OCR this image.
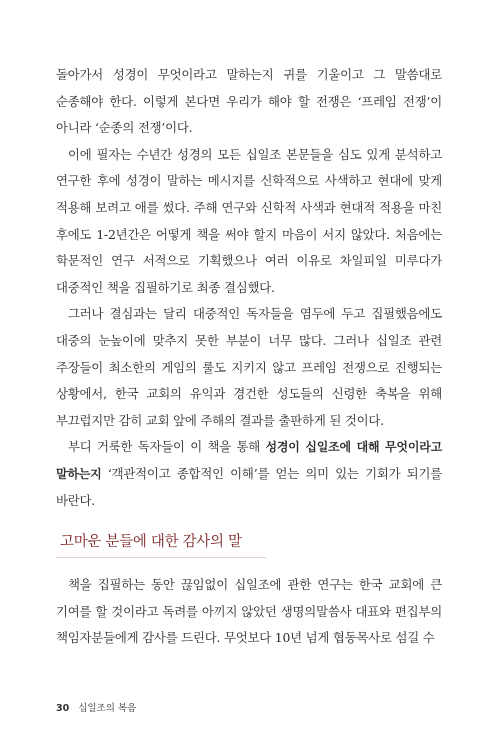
돌아가서 성경이 무엇이라고 말하는지 귀를 기울이고 그 말씀대로 순종해야 한다. 이렇게 본다면 우리가 해야 할 전쟁은 ‘프레임 전쟁’이 아니라 ‘순종의 전쟁’이다.

이에 필자는 수년간 성경의 모든 십일조 본문들을 심도 있게 분석하고 연구한 후에 성경이 말하는 메시지를 신학적으로 사색하고 현대에 맞게 적용해 보려고 애를 썼다. 주해 연구와 신학적 사색과 현대적 적용을 마친 후에도 1-2년간은 어떻게 책을 써야 할지 마음이 서지 않았다. 처음에는 학문적인 연구 서적으로 기획했으나 여러 이유로 차일피일 미루다가 대중적인 책을 집필하기로 최종 결심했다.

그러나 결심과는 달리 대중적인 독자들을 염두에 두고 집필했음에도 대중의 눈높이에 맞추지 못한 부분이 너무 많다. 그러나 십일조 관련 주장들이 최소한의 게임의 룰도 지키지 않고 프레임 전쟁으로 진행되는 상황에서, 한국 교회의 유익과 경건한 성도들의 신령한 축복을 위해 부끄럽지만 감히 교회 앞에 주해의 결과를 출판하게 된 것이다.

부디 거룩한 독자들이 이 책을 통해 성경이 십일조에 대해 무엇이라고 말하는지 ‘객관적이고 종합적인 이해’를 얻는 의미 있는 기회가 되기를 바란다.

고마운 분들에 대한 감사의 말

책을 집필하는 동안 끊임없이 십일조에 관한 연구는 한국 교회에 큰 기여를 할 것이라고 독려를 아끼지 않았던 생명의말씀사 대표와 편집부의 책임자분들에게 감사를 드린다. 무엇보다 10년 넘게 협동목사로 섬길 수

30 십일조의 복음
